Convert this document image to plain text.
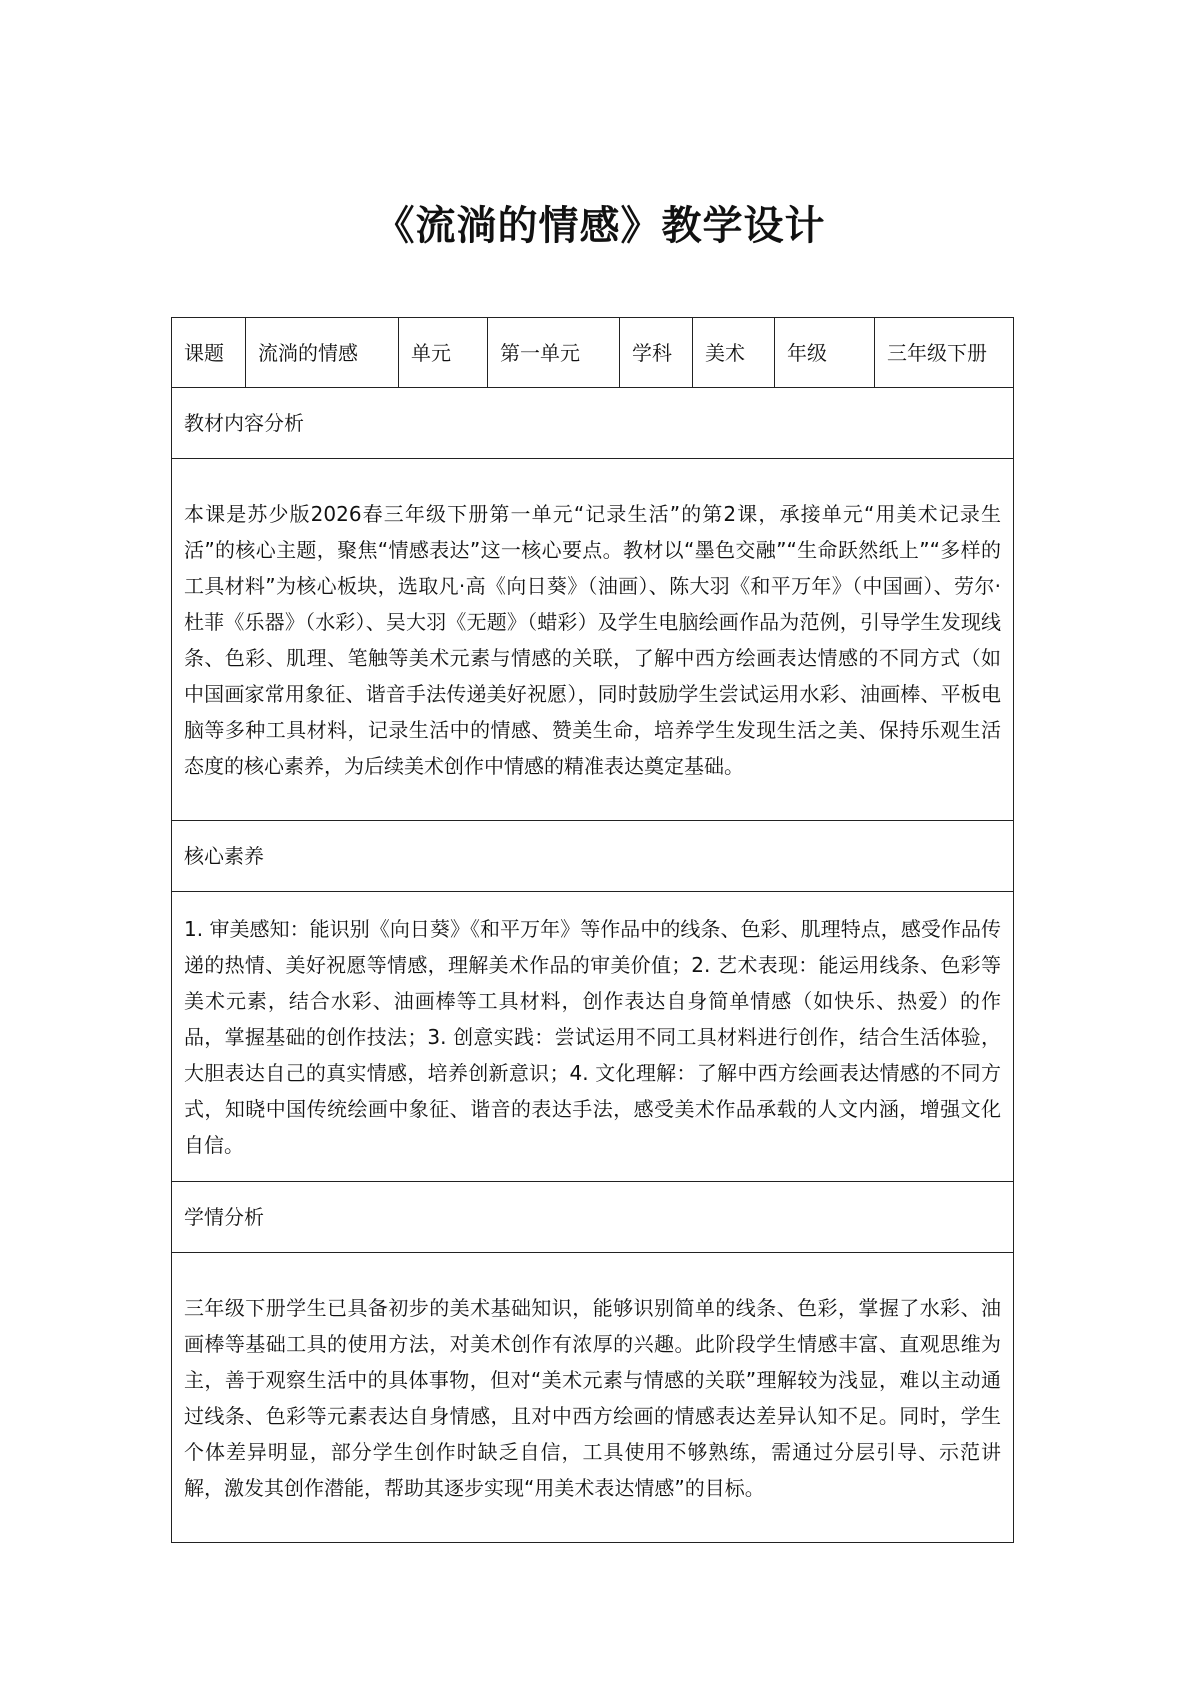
《流淌的情感》教学设计
课题	流淌的情感	单元	第一单元	学科	美术	年级	三年级下册
教材内容分析
本课是苏少版2026春三年级下册第一单元“记录生活”的第2课，承接单元“用美术记录生活”的核心主题，聚焦“情感表达”这一核心要点。教材以“墨色交融”“生命跃然纸上”“多样的工具材料”为核心板块，选取凡·高《向日葵》（油画）、陈大羽《和平万年》（中国画）、劳尔·杜菲《乐器》（水彩）、吴大羽《无题》（蜡彩）及学生电脑绘画作品为范例，引导学生发现线条、色彩、肌理、笔触等美术元素与情感的关联，了解中西方绘画表达情感的不同方式（如中国画家常用象征、谐音手法传递美好祝愿），同时鼓励学生尝试运用水彩、油画棒、平板电脑等多种工具材料，记录生活中的情感、赞美生命，培养学生发现生活之美、保持乐观生活态度的核心素养，为后续美术创作中情感的精准表达奠定基础。
核心素养
1. 审美感知：能识别《向日葵》《和平万年》等作品中的线条、色彩、肌理特点，感受作品传递的热情、美好祝愿等情感，理解美术作品的审美价值；2. 艺术表现：能运用线条、色彩等美术元素，结合水彩、油画棒等工具材料，创作表达自身简单情感（如快乐、热爱）的作品，掌握基础的创作技法；3. 创意实践：尝试运用不同工具材料进行创作，结合生活体验，大胆表达自己的真实情感，培养创新意识；4. 文化理解：了解中西方绘画表达情感的不同方式，知晓中国传统绘画中象征、谐音的表达手法，感受美术作品承载的人文内涵，增强文化自信。
学情分析
三年级下册学生已具备初步的美术基础知识，能够识别简单的线条、色彩，掌握了水彩、油画棒等基础工具的使用方法，对美术创作有浓厚的兴趣。此阶段学生情感丰富、直观思维为主，善于观察生活中的具体事物，但对“美术元素与情感的关联”理解较为浅显，难以主动通过线条、色彩等元素表达自身情感，且对中西方绘画的情感表达差异认知不足。同时，学生个体差异明显，部分学生创作时缺乏自信，工具使用不够熟练，需通过分层引导、示范讲解，激发其创作潜能，帮助其逐步实现“用美术表达情感”的目标。
